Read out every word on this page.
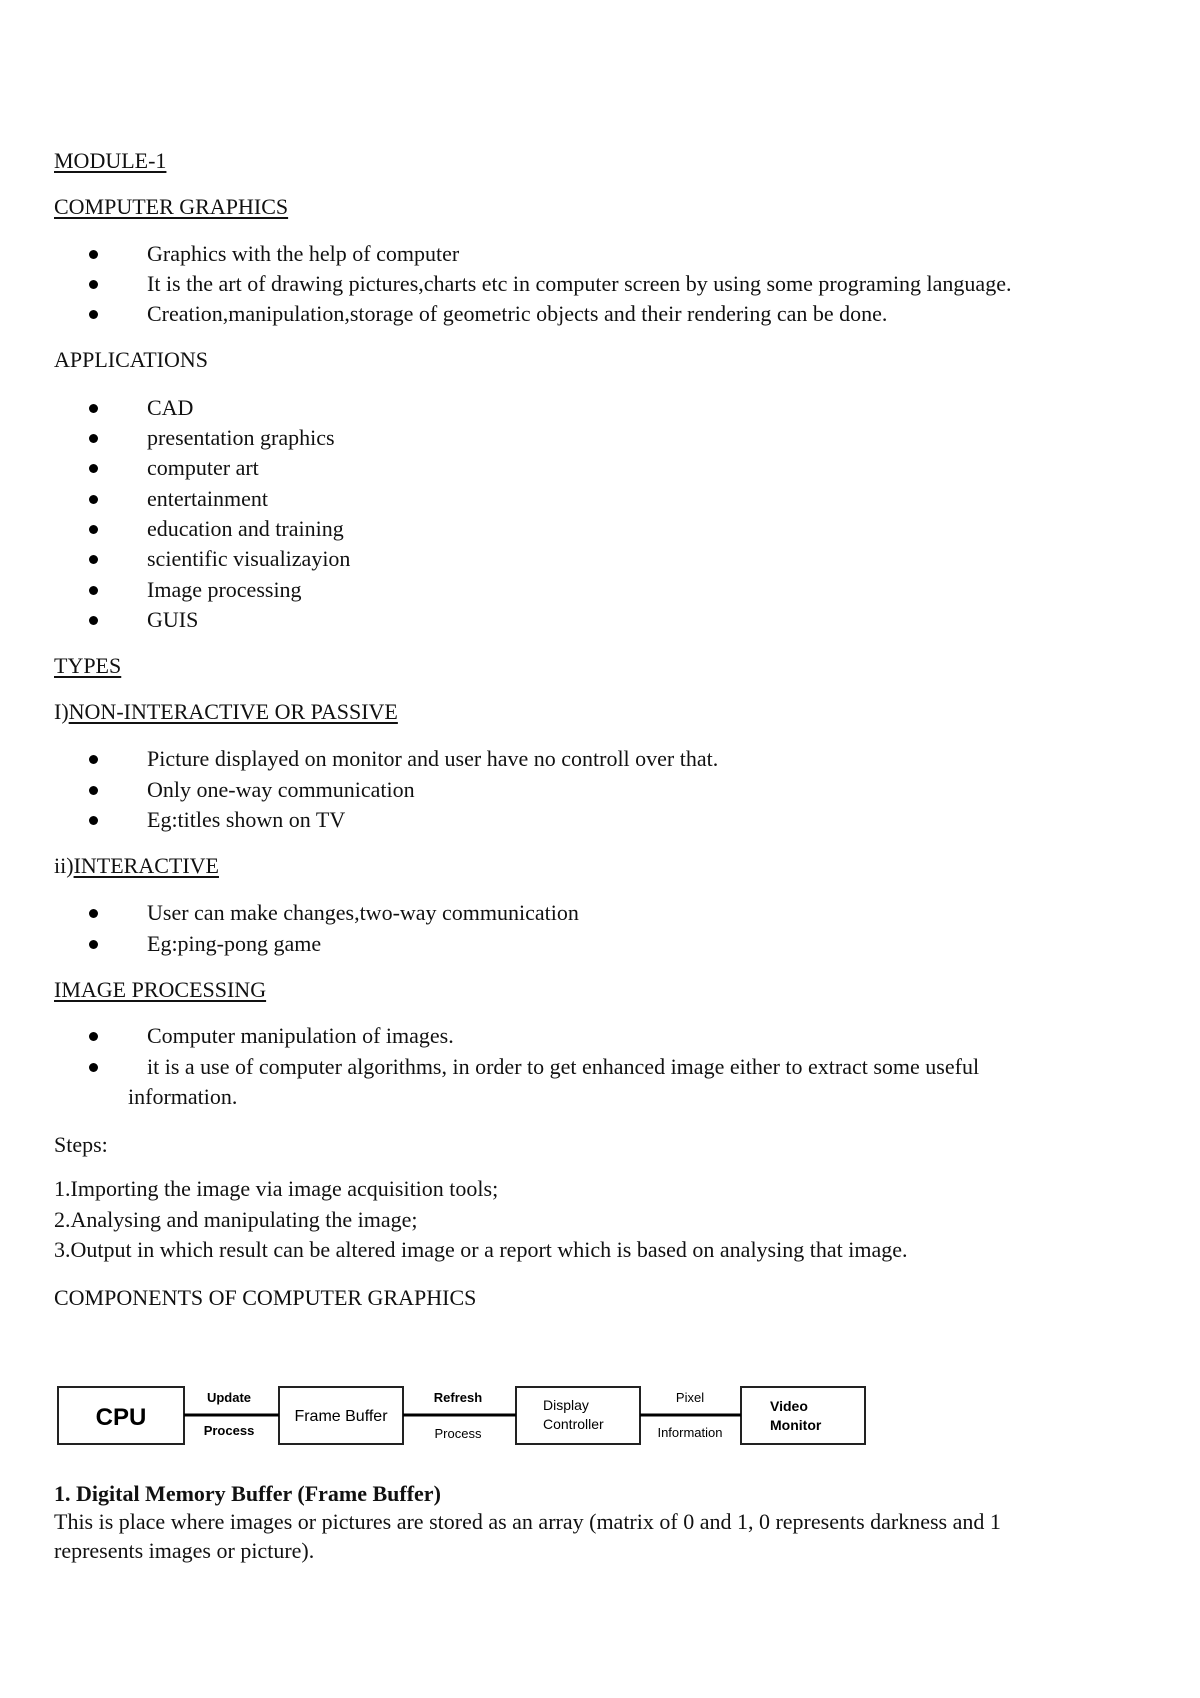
MODULE-1
COMPUTER GRAPHICS
Graphics with the help of computer
It is the art of drawing pictures,charts etc in computer screen by using some programing language.
Creation,manipulation,storage of geometric objects and their rendering can be done.
APPLICATIONS
CAD
presentation graphics
computer art
entertainment
education and training
scientific visualizayion
Image processing
GUIS
TYPES
I)NON-INTERACTIVE OR PASSIVE
Picture displayed on monitor and user have no controll over that.
Only one-way communication
Eg:titles shown on TV
ii)INTERACTIVE
User can make changes,two-way communication
Eg:ping-pong game
IMAGE PROCESSING
Computer manipulation of images.
it is a use of computer algorithms, in order to get enhanced image either to extract some useful
information.
Steps:
1.Importing the image via image acquisition tools;
2.Analysing and manipulating the image;
3.Output in which result can be altered image or a report which is based on analysing that image.
COMPONENTS OF COMPUTER GRAPHICS
CPU	Frame Buffer
Display Controller
Video Monitor
Update
Process
Refresh
Process
Pixel
Information
1. Digital Memory Buffer (Frame Buffer)
This is place where images or pictures are stored as an array (matrix of 0 and 1, 0 represents darkness and 1
represents images or picture).
